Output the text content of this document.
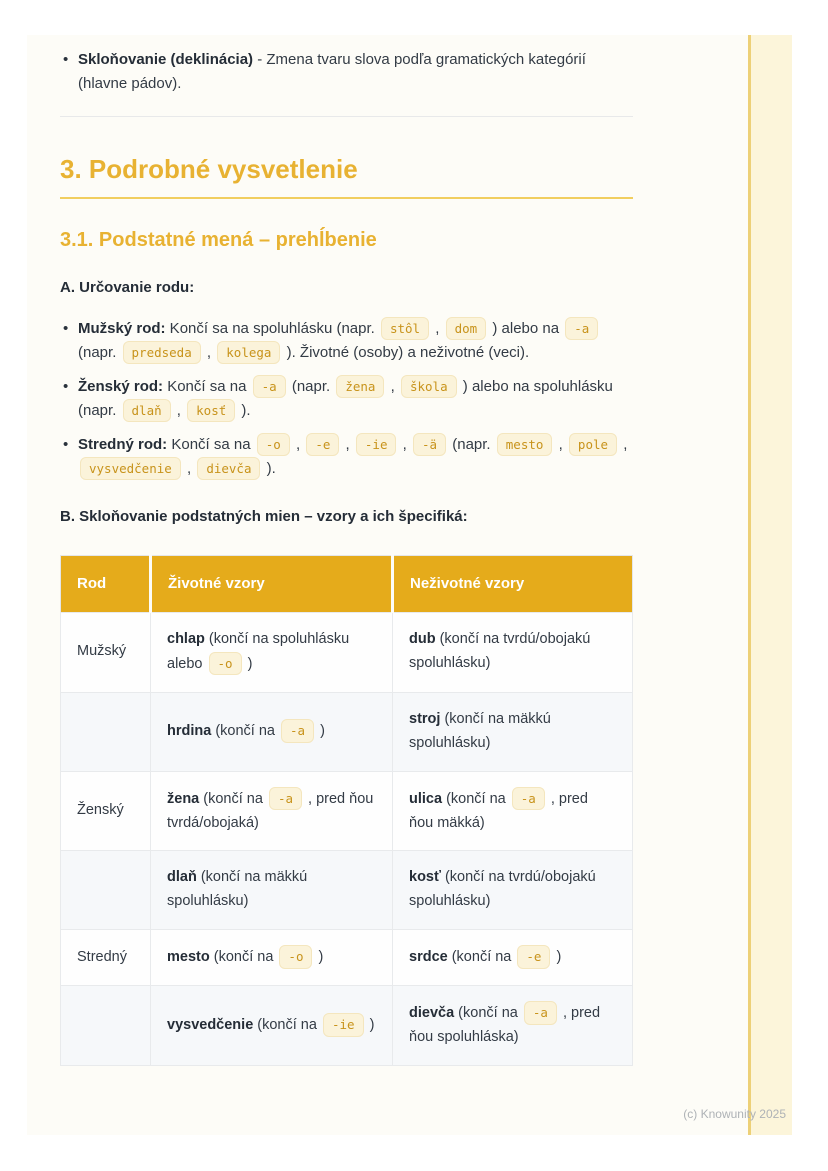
• Skloňovanie (deklinácia) - Zmena tvaru slova podľa gramatických kategórií (hlavne pádov).
3. Podrobné vysvetlenie
3.1. Podstatné mená – prehĺbenie

A. Určovanie rodu:

• Mužský rod: Končí sa na spoluhlásku (napr. stôl , dom ) alebo na -a (napr. predseda , kolega ). Životné (osoby) a neživotné (veci).
• Ženský rod: Končí sa na -a (napr. žena , škola ) alebo na spoluhlásku (napr. dlaň , kosť ).
• Stredný rod: Končí sa na -o , -e , -ie , -ä (napr. mesto , pole , vysvedčenie , dievča ).

B. Skloňovanie podstatných mien – vzory a ich špecifiká:

Rod	Životné vzory	Neživotné vzory
Mužský	chlap (končí na spoluhlásku alebo -o )	dub (končí na tvrdú/obojakú spoluhlásku)
	hrdina (končí na -a )	stroj (končí na mäkkú spoluhlásku)
Ženský	žena (končí na -a , pred ňou tvrdá/obojaká)	ulica (končí na -a , pred ňou mäkká)
	dlaň (končí na mäkkú spoluhlásku)	kosť (končí na tvrdú/obojakú spoluhlásku)
Stredný	mesto (končí na -o )	srdce (končí na -e )
	vysvedčenie (končí na -ie )	dievča (končí na -a , pred ňou spoluhláska)
(c) Knowunity 2025
